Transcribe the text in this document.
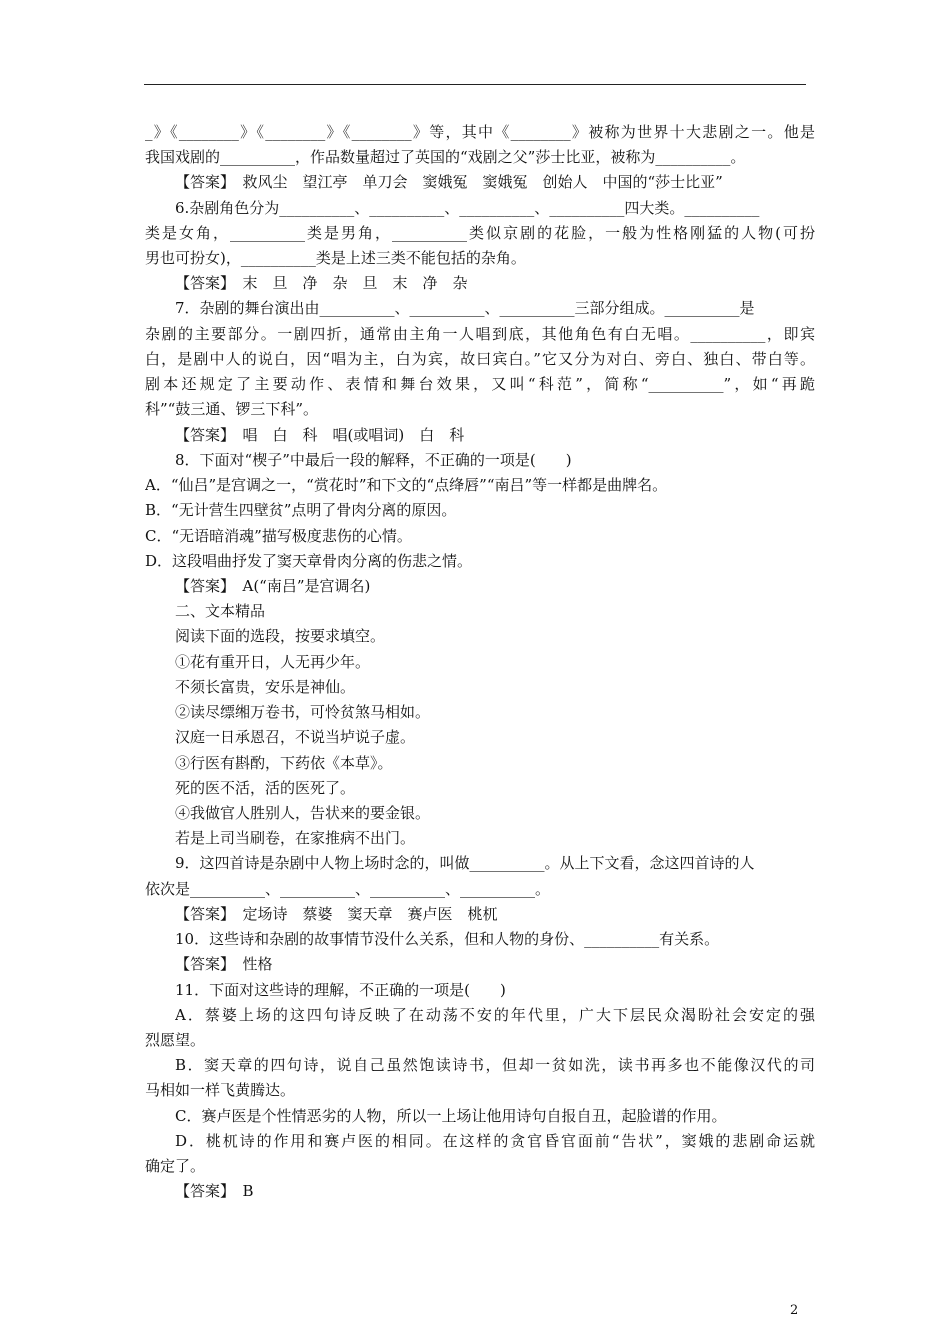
_》《________》《________》《________》等，其中《________》被称为世界十大悲剧之一。他是
我国戏剧的__________，作品数量超过了英国的“戏剧之父”莎士比亚，被称为__________。
【答案】　救风尘　望江亭　单刀会　窦娥冤　窦娥冤　创始人　中国的“莎士比亚”
6.杂剧角色分为__________、__________、__________、__________四大类。__________
类是女角，__________类是男角，__________类似京剧的花脸，一般为性格刚猛的人物(可扮
男也可扮女)，__________类是上述三类不能包括的杂角。
【答案】　末　旦　净　杂　旦　末　净　杂
7．杂剧的舞台演出由__________、__________、__________三部分组成。__________是
杂剧的主要部分。一剧四折，通常由主角一人唱到底，其他角色有白无唱。__________，即宾
白，是剧中人的说白，因“唱为主，白为宾，故曰宾白。”它又分为对白、旁白、独白、带白等。
剧本还规定了主要动作、表情和舞台效果，又叫“科范”，简称“__________”，如“再跪
科”“鼓三通、锣三下科”。
【答案】　唱　白　科　唱(或唱词)　白　科
8．下面对“楔子”中最后一段的解释，不正确的一项是(　　)
A．“仙吕”是宫调之一，“赏花时”和下文的“点绛唇”“南吕”等一样都是曲牌名。
B．“无计营生四壁贫”点明了骨肉分离的原因。
C．“无语暗消魂”描写极度悲伤的心情。
D．这段唱曲抒发了窦天章骨肉分离的伤悲之情。
【答案】　A(“南吕”是宫调名)
二、文本精品
阅读下面的选段，按要求填空。
①花有重开日，人无再少年。
不须长富贵，安乐是神仙。
②读尽缥缃万卷书，可怜贫煞马相如。
汉庭一日承恩召，不说当垆说子虚。
③行医有斟酌，下药依《本草》。
死的医不活，活的医死了。
④我做官人胜别人，告状来的要金银。
若是上司当刷卷，在家推病不出门。
9．这四首诗是杂剧中人物上场时念的，叫做__________。从上下文看，念这四首诗的人
依次是__________、__________、__________、__________。
【答案】　定场诗　蔡婆　窦天章　赛卢医　桃杌
10．这些诗和杂剧的故事情节没什么关系，但和人物的身份、__________有关系。
【答案】　性格
11．下面对这些诗的理解，不正确的一项是(　　)
A．蔡婆上场的这四句诗反映了在动荡不安的年代里，广大下层民众渴盼社会安定的强
烈愿望。
B．窦天章的四句诗，说自己虽然饱读诗书，但却一贫如洗，读书再多也不能像汉代的司
马相如一样飞黄腾达。
C．赛卢医是个性情恶劣的人物，所以一上场让他用诗句自报自丑，起脸谱的作用。
D．桃杌诗的作用和赛卢医的相同。在这样的贪官昏官面前“告状”，窦娥的悲剧命运就
确定了。
【答案】　B
2
